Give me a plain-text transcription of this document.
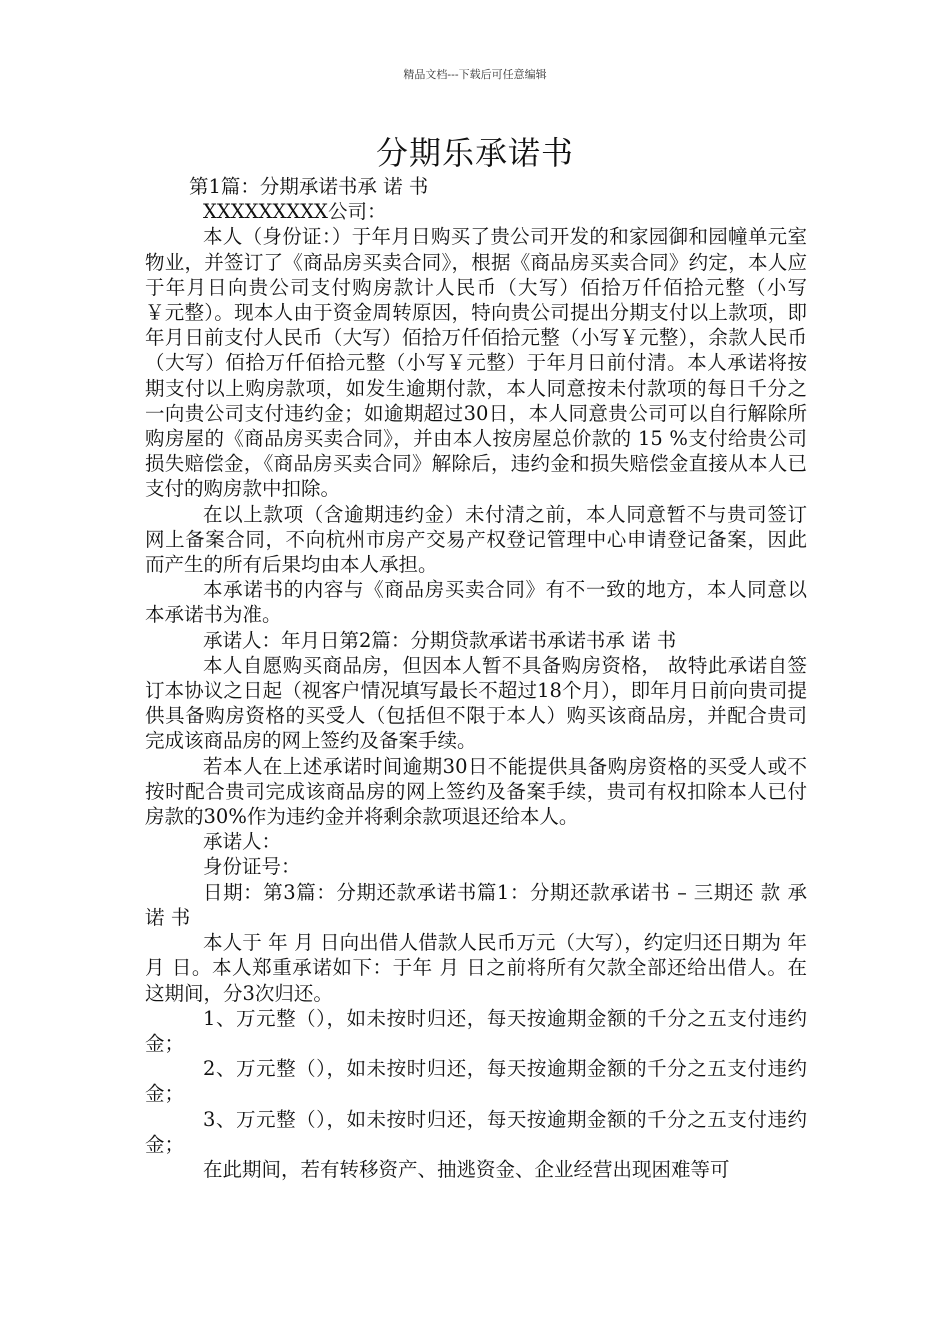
精品文档---下载后可任意编辑
分期乐承诺书

第1篇：分期承诺书承 诺 书

XXXXXXXXX公司：

本人（身份证：）于年月日购买了贵公司开发的和家园御和园幢单元室物业，并签订了《商品房买卖合同》，根据《商品房买卖合同》约定，本人应于年月日向贵公司支付购房款计人民币（大写）佰拾万仟佰拾元整（小写￥元整）。现本人由于资金周转原因，特向贵公司提出分期支付以上款项，即年月日前支付人民币（大写）佰拾万仟佰拾元整（小写￥元整），余款人民币（大写）佰拾万仟佰拾元整（小写￥元整）于年月日前付清。本人承诺将按期支付以上购房款项，如发生逾期付款，本人同意按未付款项的每日千分之一向贵公司支付违约金；如逾期超过30日，本人同意贵公司可以自行解除所购房屋的《商品房买卖合同》，并由本人按房屋总价款的 15 %支付给贵公司损失赔偿金，《商品房买卖合同》解除后，违约金和损失赔偿金直接从本人已支付的购房款中扣除。

在以上款项（含逾期违约金）未付清之前，本人同意暂不与贵司签订网上备案合同，不向杭州市房产交易产权登记管理中心申请登记备案，因此而产生的所有后果均由本人承担。

本承诺书的内容与《商品房买卖合同》有不一致的地方，本人同意以本承诺书为准。

承诺人：年月日第2篇：分期贷款承诺书承诺书承 诺 书

本人自愿购买商品房，但因本人暂不具备购房资格， 故特此承诺自签订本协议之日起（视客户情况填写最长不超过18个月），即年月日前向贵司提供具备购房资格的买受人（包括但不限于本人）购买该商品房，并配合贵司完成该商品房的网上签约及备案手续。

若本人在上述承诺时间逾期30日不能提供具备购房资格的买受人或不按时配合贵司完成该商品房的网上签约及备案手续，贵司有权扣除本人已付房款的30%作为违约金并将剩余款项退还给本人。

承诺人：

身份证号：

日期：第3篇：分期还款承诺书篇1：分期还款承诺书 – 三期还 款 承 诺 书

本人于 年 月 日向出借人借款人民币万元（大写），约定归还日期为 年 月 日。本人郑重承诺如下：于年 月 日之前将所有欠款全部还给出借人。在这期间，分3次归还。

1、万元整（），如未按时归还，每天按逾期金额的千分之五支付违约金；

2、万元整（），如未按时归还，每天按逾期金额的千分之五支付违约金；

3、万元整（），如未按时归还，每天按逾期金额的千分之五支付违约金；

在此期间，若有转移资产、抽逃资金、企业经营出现困难等可
